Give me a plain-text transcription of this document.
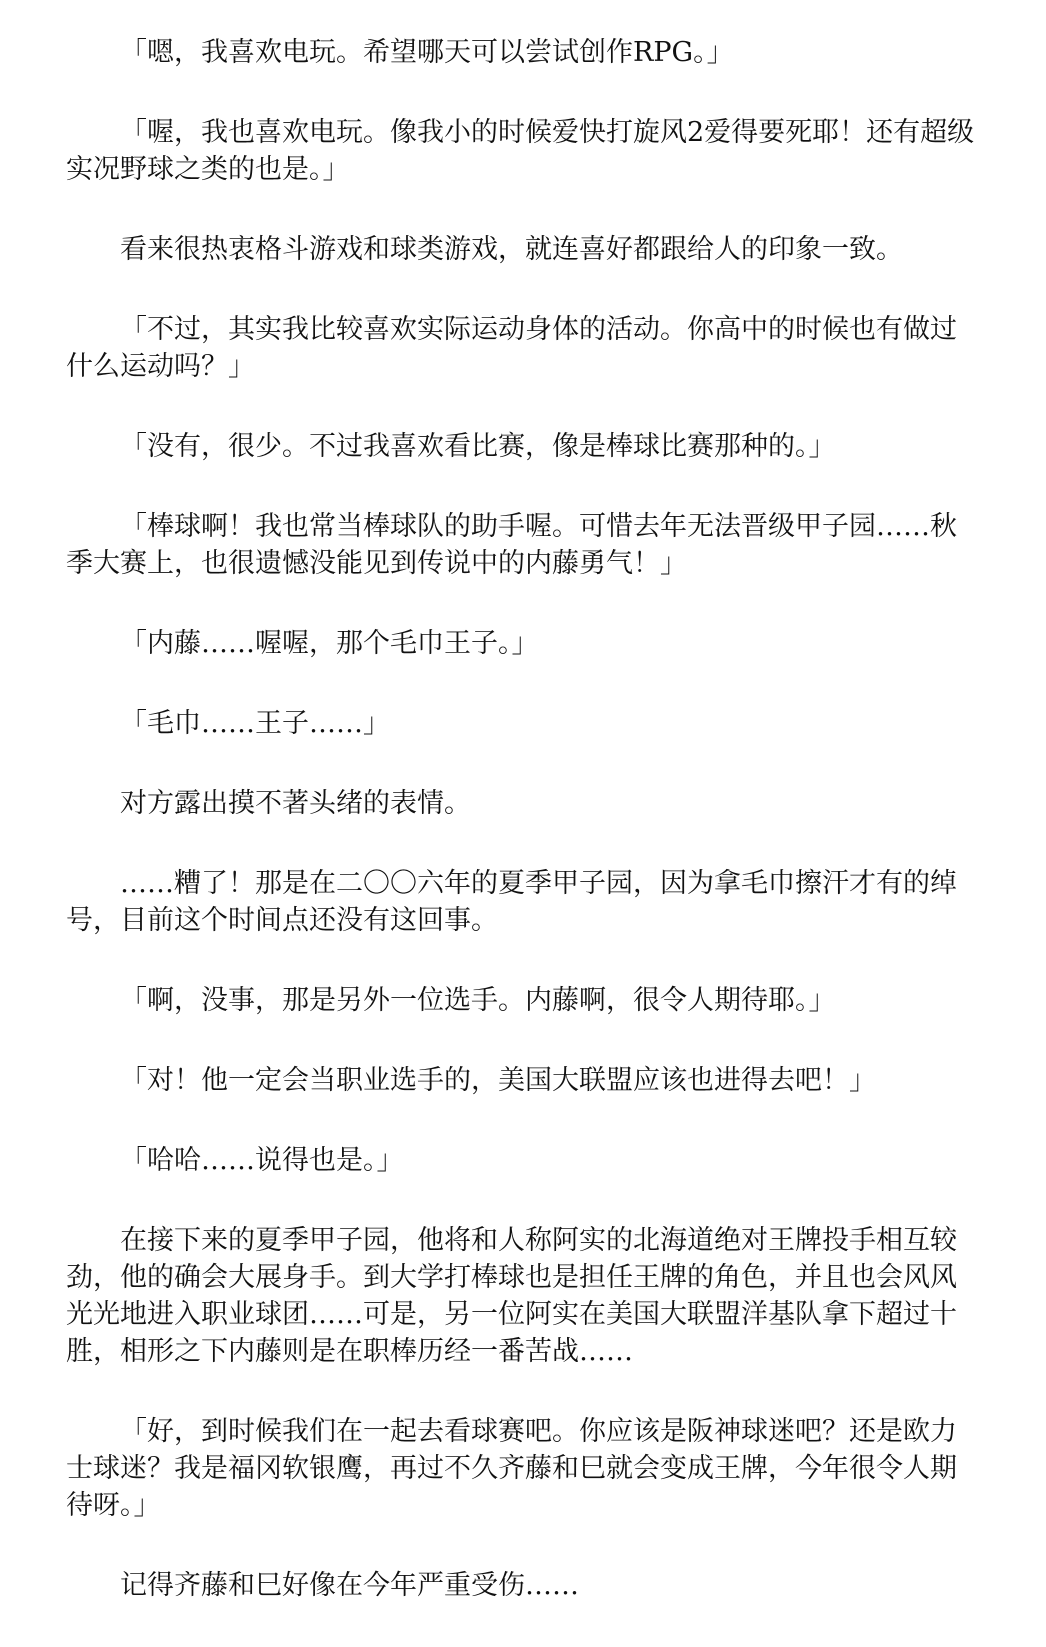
「嗯，我喜欢电玩。希望哪天可以尝试创作RPG。」

「喔，我也喜欢电玩。像我小的时候爱快打旋风2爱得要死耶！还有超级实况野球之类的也是。」

看来很热衷格斗游戏和球类游戏，就连喜好都跟给人的印象一致。

「不过，其实我比较喜欢实际运动身体的活动。你高中的时候也有做过什么运动吗？」

「没有，很少。不过我喜欢看比赛，像是棒球比赛那种的。」

「棒球啊！我也常当棒球队的助手喔。可惜去年无法晋级甲子园……秋季大赛上，也很遗憾没能见到传说中的内藤勇气！」

「内藤……喔喔，那个毛巾王子。」

「毛巾……王子……」

对方露出摸不著头绪的表情。

……糟了！那是在二〇〇六年的夏季甲子园，因为拿毛巾擦汗才有的绰号，目前这个时间点还没有这回事。

「啊，没事，那是另外一位选手。内藤啊，很令人期待耶。」

「对！他一定会当职业选手的，美国大联盟应该也进得去吧！」

「哈哈……说得也是。」

在接下来的夏季甲子园，他将和人称阿实的北海道绝对王牌投手相互较劲，他的确会大展身手。到大学打棒球也是担任王牌的角色，并且也会风风光光地进入职业球团……可是，另一位阿实在美国大联盟洋基队拿下超过十胜，相形之下内藤则是在职棒历经一番苦战……

「好，到时候我们在一起去看球赛吧。你应该是阪神球迷吧？还是欧力士球迷？我是福冈软银鹰，再过不久齐藤和巳就会变成王牌，今年很令人期待呀。」

记得齐藤和巳好像在今年严重受伤……
